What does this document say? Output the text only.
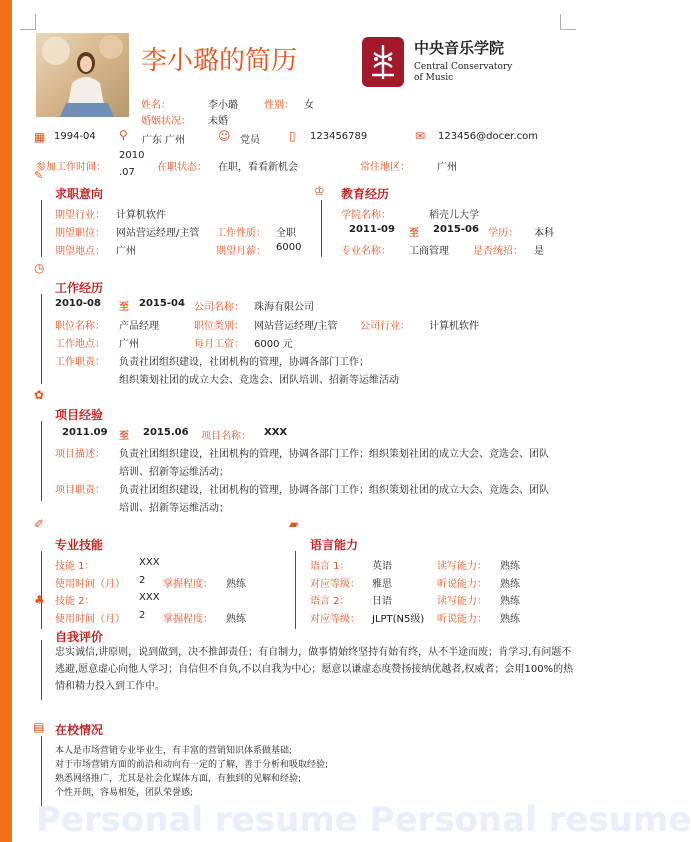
李小璐的简历	中央音乐学院
Central Conservatory
of Music
姓名：	李小璐	性别： 女
婚姻状况： 未婚
▦ 1994-04 ⚲ 广东 广州	☺ 党员 ▯ 123456789	✉ 123456@docer.com
参加工作时间：
2010
.07 在职状态： 在职，看看新机会	常住地区：	广州
✎
求职意向
期望行业： 计算机软件
期望职位： 网站营运经理/主管 工作性质： 全职
期望地点： 广州	期望月薪： 6000
♔ 教育经历
学院名称：	稻壳儿大学
2011-09 至 2015-06 学历： 本科
专业名称： 工商管理 是否统招： 是
◷
工作经历
2010-08 至 2015-04 公司名称： 珠海有限公司
职位名称： 产品经理	职位类别： 网站营运经理/主管 公司行业： 计算机软件
工作地点： 广州	每月工资： 6000 元
工作职责： 负责社团组织建设，社团机构的管理，协调各部门工作；
组织策划社团的成立大会、竞选会、团队培训、招新等运维活动
✿
项目经验
2011.09 至 2015.06 项目名称： XXX
项目描述： 负责社团组织建设，社团机构的管理，协调各部门工作；组织策划社团的成立大会、竞选会、团队
培训、招新等运维活动；
项目职责： 负责社团组织建设，社团机构的管理，协调各部门工作；组织策划社团的成立大会、竞选会、团队
培训、招新等运维活动；
✐
专业技能
技能 1：	XXX
使用时间（月） 2 掌握程度： 熟练
♣ 技能 2：	XXX
使用时间（月） 2 掌握程度： 熟练
▰
语言能力
语言 1： 英语	读写能力： 熟练
对应等级： 雅思	听说能力： 熟练
语言 2： 日语	读写能力： 熟练
对应等级： JLPT(N5级) 听说能力： 熟练
自我评价
忠实诚信,讲原则，说到做到，决不推卸责任；有自制力，做事情始终坚持有始有终，从不半途而废；肯学习,有问题不逃避,愿意虚心向他人学习；自信但不自负,不以自我为中心；愿意以谦虚态度赞扬接纳优越者,权威者；会用100%的热情和精力投入到工作中。
▤ 在校情况
Personal resume Personal resume
本人是市场营销专业毕业生，有丰富的营销知识体系做基础;
对于市场营销方面的前沿和动向有一定的了解，善于分析和吸取经验;
熟悉网络推广，尤其是社会化媒体方面，有独到的见解和经验;
个性开朗，容易相处，团队荣誉感;
